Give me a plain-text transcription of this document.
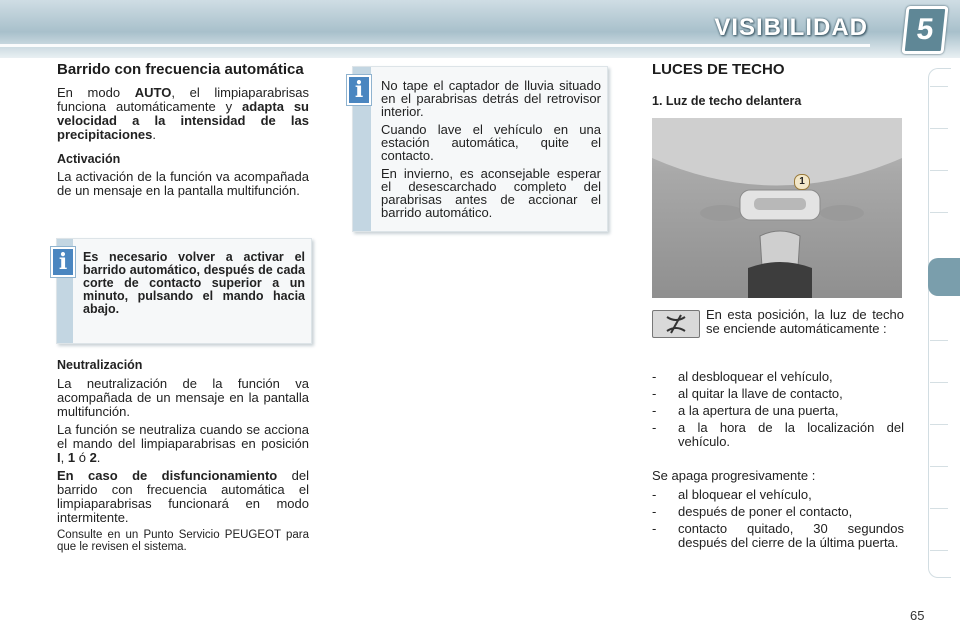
VISIBILIDAD	5
Barrido con frecuencia automática

En modo AUTO, el limpiaparabrisas funciona automáticamente y adapta su velocidad a la intensidad de las precipitaciones.

Activación

La activación de la función va acompañada de un mensaje en la pantalla multifunción.

i	Es necesario volver a activar el barrido automático, después de cada corte de contacto superior a un minuto, pulsando el mando hacia abajo.

Neutralización

La neutralización de la función va acompañada de un mensaje en la pantalla multifunción.

La función se neutraliza cuando se acciona el mando del limpiaparabrisas en posición I, 1 ó 2.

En caso de disfuncionamiento del barrido con frecuencia automática el limpiaparabrisas funcionará en modo intermitente.

Consulte en un Punto Servicio PEUGEOT para que le revisen el sistema.

i	No tape el captador de lluvia situado en el parabrisas detrás del retrovisor interior.

Cuando lave el vehículo en una estación automática, quite el contacto.

En invierno, es aconsejable esperar el desescarchado completo del parabrisas antes de accionar el barrido automático.

LUCES DE TECHO

1. Luz de techo delantera

1

En esta posición, la luz de techo se enciende automáticamente :

-	al desbloquear el vehículo,
-	al quitar la llave de contacto,
-	a la apertura de una puerta,
-	a la hora de la localización del vehículo.

Se apaga progresivamente :

-	al bloquear el vehículo,
-	después de poner el contacto,
-	contacto quitado, 30 segundos después del cierre de la última puerta.
65
